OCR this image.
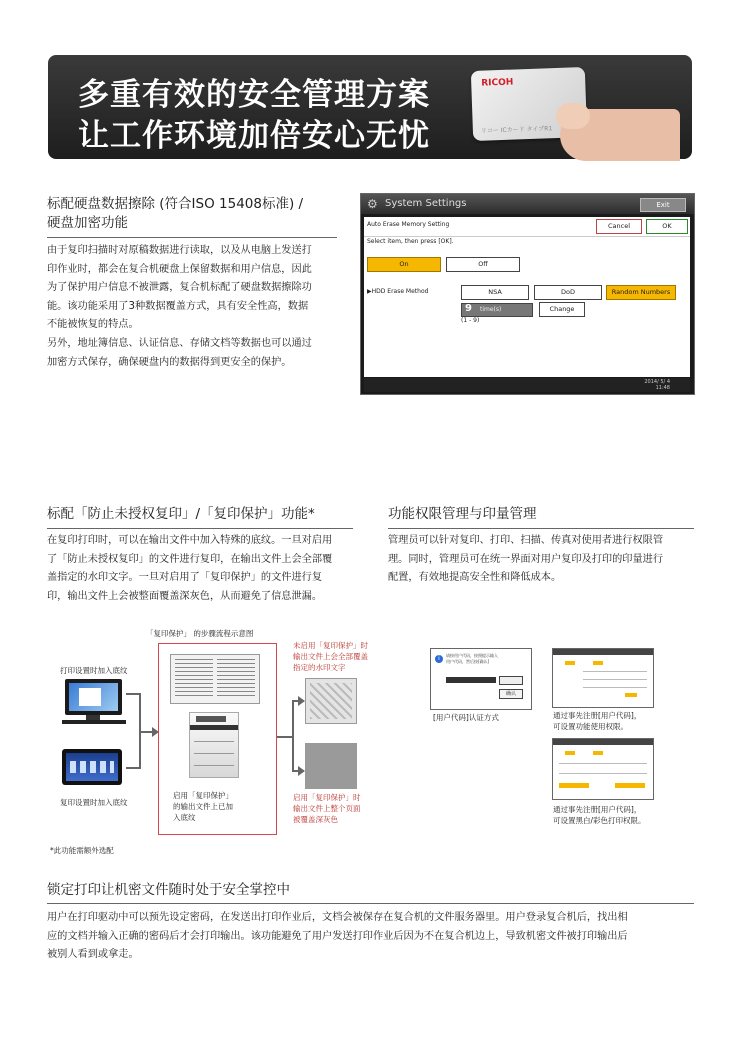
多重有效的安全管理方案
让工作环境加倍安心无忧
RICOH
リコー ICカード タイプR1
标配硬盘数据擦除 (符合ISO 15408标准) /
硬盘加密功能
由于复印扫描时对原稿数据进行读取，以及从电脑上发送打
印作业时，都会在复合机硬盘上保留数据和用户信息，因此
为了保护用户信息不被泄露，复合机标配了硬盘数据擦除功
能。该功能采用了3种数据覆盖方式，具有安全性高，数据
不能被恢复的特点。
另外，地址簿信息、认证信息、存储文档等数据也可以通过
加密方式保存，确保硬盘内的数据得到更安全的保护。
⚙ System Settings	Exit
Auto Erase Memory Setting	Cancel	OK
Select item, then press [OK].
On	Off
▶HDD Erase Method	NSA	DoD	Random Numbers
9 time(s)
(1 - 9)
Change
2014/ 5/ 4
11:48
标配「防止未授权复印」/「复印保护」功能*
在复印打印时，可以在输出文件中加入特殊的底纹。一旦对启用
了「防止未授权复印」的文件进行复印，在输出文件上会全部覆
盖指定的水印文字。一旦对启用了「复印保护」的文件进行复
印，输出文件上会被整面覆盖深灰色，从而避免了信息泄漏。
功能权限管理与印量管理
管理员可以针对复印、打印、扫描、传真对使用者进行权限管
理。同时，管理员可在统一界面对用户复印及打印的印量进行
配置，有效地提高安全性和降低成本。
「复印保护」 的步骤流程示意图
打印设置时加入底纹
复印设置时加入底纹
启用「复印保护」
的输出文件上已加
入底纹
未启用「复印保护」时
输出文件上会全部覆盖
指定的水印文字
启用「复印保护」时
输出文件上整个页面
被覆盖深灰色
*此功能需额外选配
i	请按用户代码，按照提示输入
用户代码，然后按[确认]
确认
[用户代码]认证方式	通过事先注册[用户代码]，
可设置功能使用权限。
通过事先注册[用户代码]，
可设置黑白/彩色打印权限。
锁定打印让机密文件随时处于安全掌控中
用户在打印驱动中可以预先设定密码，在发送出打印作业后，文档会被保存在复合机的文件服务器里。用户登录复合机后，找出相
应的文档并输入正确的密码后才会打印输出。该功能避免了用户发送打印作业后因为不在复合机边上，导致机密文件被打印输出后
被别人看到或拿走。
